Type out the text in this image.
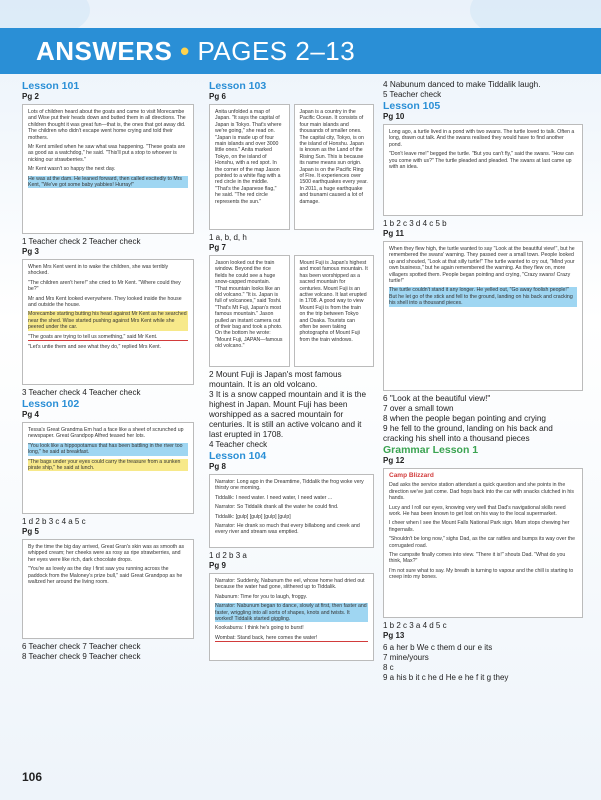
ANSWERS • PAGES 2–13
Lesson 101
Pg 2

Lots of children heard about the goats and came to visit Morecambe and Wise put their heads down and butted them in all directions. The children thought it was great fun—that is, the ones that got away did. The children who didn't escape went home crying and told their mothers.

Mr Kent smiled when he saw what was happening. "These goats are as good as a watchdog," he said. "This'll put a stop to whoever is nicking our strawberries."

Mr Kent wasn't so happy the next day.

He was at the dam. He leaned forward, then called excitedly to Mrs Kent, "We've got some baby yabbies! Hurray!"

1 Teacher check 2 Teacher check
Pg 3

When Mrs Kent went in to wake the children, she was terribly shocked.

"The children aren't here!" she cried to Mr Kent. "Where could they be?"

Mr and Mrs Kent looked everywhere. They looked inside the house and outside the house.

Morecambe starting butting his head against Mr Kent as he searched near the shed. Wise started pushing against Mrs Kent while she peered under the car.

"The goats are trying to tell us something," said Mr Kent.

"Let's untie them and see what they do," replied Mrs Kent.

3 Teacher check 4 Teacher check
Lesson 102
Pg 4

Tessa's Great Grandma Em had a face like a sheet of scrunched up newspaper. Great Grandpop Alfred teased her lots.

"You look like a hippopotamus that has been battling in the river too long," he said at breakfast.

"The bags under your eyes could carry the treasure from a sunken pirate ship," he said at lunch.

1 d 2 b 3 c 4 a 5 c
Pg 5

By the time the big day arrived, Great Gran's skin was as smooth as whipped cream; her cheeks were as rosy as ripe strawberries, and her eyes were like rich, dark chocolate drops.

"You're as lovely as the day I first saw you running across the paddock from the Maloney's prize bull," said Great Grandpop as he waltzed her around the living room.

6 Teacher check 7 Teacher check
8 Teacher check 9 Teacher check
Lesson 103
Pg 6

Anita unfolded a map of Japan. "It says the capital of Japan is Tokyo. That's where we're going," she read on. "Japan is made up of four main islands and over 3000 little ones." Anita marked Tokyo, on the island of Honshu, with a red spot. In the corner of the map Jason pointed to a white flag with a red circle in the middle. "That's the Japanese flag," he said. "The red circle represents the sun."

Japan is a country in the Pacific Ocean. It consists of four main islands and thousands of smaller ones. The capital city, Tokyo, is on the island of Honshu. Japan is known as the Land of the Rising Sun. This is because its name means sun origin. Japan is on the Pacific Ring of Fire. It experiences over 1500 earthquakes every year. In 2011, a huge earthquake and tsunami caused a lot of damage.

1 a, b, d, h
Pg 7

Jason looked out the train window. Beyond the rice fields he could see a huge snow-capped mountain. "That mountain looks like an old volcano." "It is. Japan is full of volcanoes," said Toshi. "That's Mt Fuji, Japan's most famous mountain." Jason pulled an instant camera out of their bag and took a photo. On the bottom he wrote: "Mount Fuji, JAPAN—famous old volcano."

Mount Fuji is Japan's highest and most famous mountain. It has been worshipped as a sacred mountain for centuries. Mount Fuji is an active volcano. It last erupted in 1708. A good way to view Mount Fuji is from the train on the trip between Tokyo and Osaka. Tourists can often be seen taking photographs of Mount Fuji from the train windows.

2 Mount Fuji is Japan's most famous mountain. It is an old volcano.
3 It is a snow capped mountain and it is the highest in Japan. Mount Fuji has been worshipped as a sacred mountain for centuries. It is still an active volcano and it last erupted in 1708.
4 Teacher check
Lesson 104
Pg 8

Narrator: Long ago in the Dreamtime, Tiddalik the frog woke very thirsty one morning.

Tiddalik: I need water. I need water, I need water ...

Narrator: So Tiddalik drank all the water he could find.

Tiddalik: [gulp] [gulp] [gulp] [gulp]

Narrator: He drank so much that every billabong and creek and every river and stream was emptied.

1 d 2 b 3 a
Pg 9

Narrator: Suddenly, Nabunum the eel, whose home had dried out because the water had gone, slithered up to Tiddalik.

Nabunum: Time for you to laugh, froggy.

Narrator: Nabunum began to dance, slowly at first, then faster and faster, wriggling into all sorts of shapes, knots and twists. It worked! Tiddalik started giggling.

Kookaburra: I think he's going to burst!

Wombat: Stand back, here comes the water!

4 Nabunum danced to make Tiddalik laugh.
5 Teacher check
Lesson 105
Pg 10

Long ago, a turtle lived in a pond with two swans. The turtle loved to talk. Often a long, drawn out talk. And the swans realised they would have to find another pond.

"Don't leave me!" begged the turtle. "But you can't fly," said the swans. "How can you come with us?" The turtle pleaded and pleaded. The swans at last came up with an idea.

1 b 2 c 3 d 4 c 5 b
Pg 11

When they flew high, the turtle wanted to say "Look at the beautiful view!", but he remembered the swans' warning. They passed over a small town. People looked up and shouted, "Look at that silly turtle!" The turtle wanted to cry out, "Mind your own business," but he again remembered the warning. As they flew on, more villagers spotted them. People began pointing and crying, "Crazy swans! Crazy turtle!"

The turtle couldn't stand it any longer. He yelled out, "Go away foolish people!" But he let go of the stick and fell to the ground, landing on his back and cracking his shell into a thousand pieces.

6 "Look at the beautiful view!"
7 over a small town
8 when the people began pointing and crying
9 he fell to the ground, landing on his back and cracking his shell into a thousand pieces
Grammar Lesson 1
Pg 12
Camp Blizzard

Dad asks the service station attendant a quick question and she points in the direction we've just come. Dad hops back into the car with snacks clutched in his hands.

Lucy and I roll our eyes, knowing very well that Dad's navigational skills need work. He has been known to get lost on his way to the local supermarket.

I cheer when I see the Mount Falls National Park sign. Mum stops chewing her fingernails.

"Shouldn't be long now," sighs Dad, as the car rattles and bumps its way over the corrugated road.

The campsite finally comes into view. "There it is!" shouts Dad. "What do you think, Max?"

I'm not sure what to say. My breath is turning to vapour and the chill is starting to creep into my bones.

1 b 2 c 3 a 4 d 5 c
Pg 13
6 a her b We c them d our e its
7 mine/yours
8 c
9 a his b it c he d He e he f it g they
106
